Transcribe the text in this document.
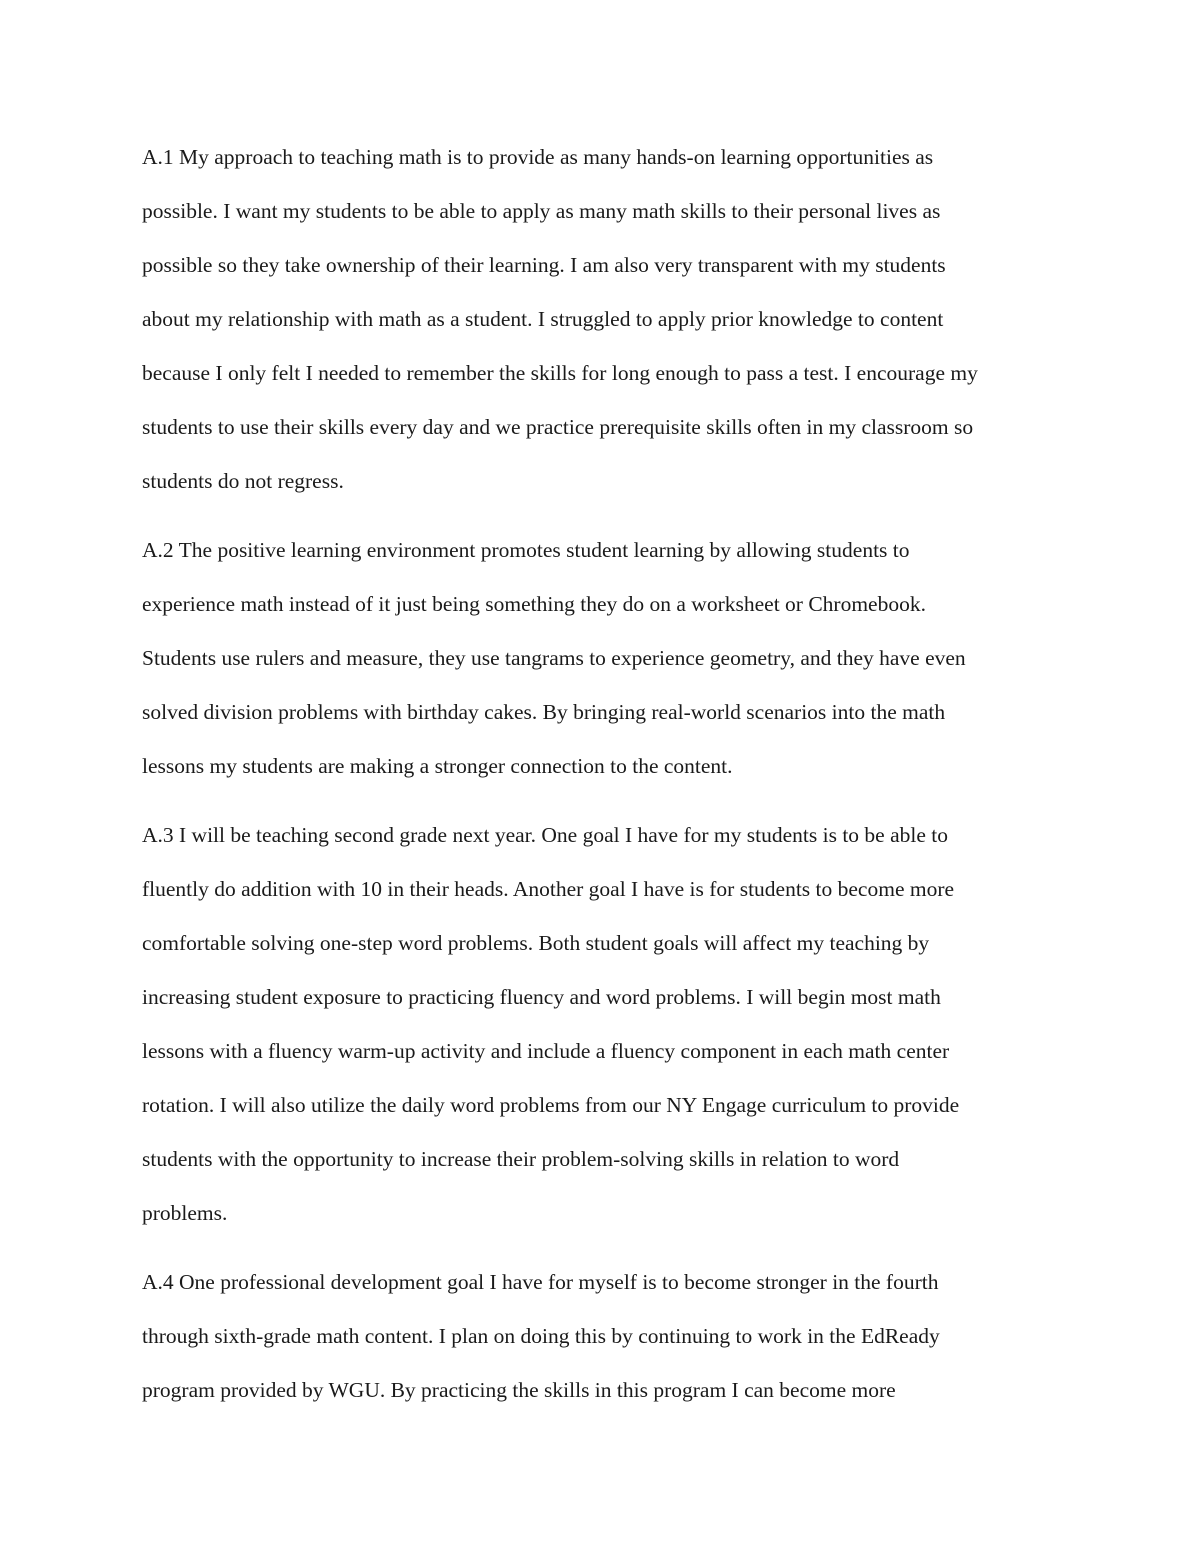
A.1 My approach to teaching math is to provide as many hands-on learning opportunities as
possible. I want my students to be able to apply as many math skills to their personal lives as
possible so they take ownership of their learning. I am also very transparent with my students
about my relationship with math as a student. I struggled to apply prior knowledge to content
because I only felt I needed to remember the skills for long enough to pass a test. I encourage my
students to use their skills every day and we practice prerequisite skills often in my classroom so
students do not regress.
A.2 The positive learning environment promotes student learning by allowing students to
experience math instead of it just being something they do on a worksheet or Chromebook.
Students use rulers and measure, they use tangrams to experience geometry, and they have even
solved division problems with birthday cakes. By bringing real-world scenarios into the math
lessons my students are making a stronger connection to the content.
A.3 I will be teaching second grade next year. One goal I have for my students is to be able to
fluently do addition with 10 in their heads. Another goal I have is for students to become more
comfortable solving one-step word problems. Both student goals will affect my teaching by
increasing student exposure to practicing fluency and word problems. I will begin most math
lessons with a fluency warm-up activity and include a fluency component in each math center
rotation. I will also utilize the daily word problems from our NY Engage curriculum to provide
students with the opportunity to increase their problem-solving skills in relation to word
problems.
A.4 One professional development goal I have for myself is to become stronger in the fourth
through sixth-grade math content. I plan on doing this by continuing to work in the EdReady
program provided by WGU. By practicing the skills in this program I can become more
